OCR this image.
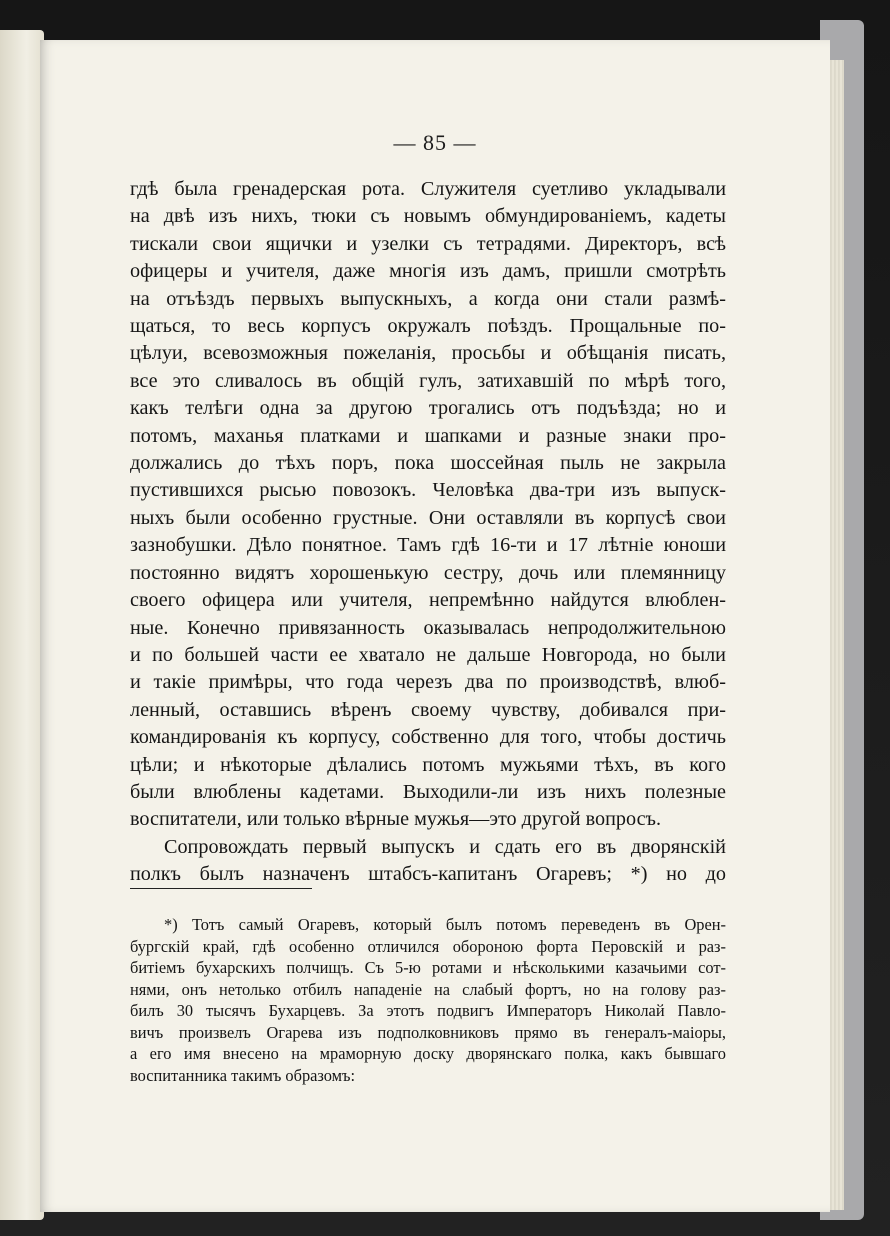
— 85 —
гдѣ была гренадерская рота. Служителя суетливо укладывали
на двѣ изъ нихъ, тюки съ новымъ обмундированіемъ, кадеты
тискали свои ящички и узелки съ тетрадями. Директоръ, всѣ
офицеры и учителя, даже многія изъ дамъ, пришли смотрѣть
на отъѣздъ первыхъ выпускныхъ, а когда они стали размѣ-
щаться, то весь корпусъ окружалъ поѣздъ. Прощальные по-
цѣлуи, всевозможныя пожеланія, просьбы и обѣщанія писать,
все это сливалось въ общій гулъ, затихавшій по мѣрѣ того,
какъ телѣги одна за другою трогались отъ подъѣзда; но и
потомъ, маханья платками и шапками и разные знаки про-
должались до тѣхъ поръ, пока шоссейная пыль не закрыла
пустившихся рысью повозокъ. Человѣка два-три изъ выпуск-
ныхъ были особенно грустные. Они оставляли въ корпусѣ свои
зазнобушки. Дѣло понятное. Тамъ гдѣ 16-ти и 17 лѣтніе юноши
постоянно видятъ хорошенькую сестру, дочь или племянницу
своего офицера или учителя, непремѣнно найдутся влюблен-
ные. Конечно привязанность оказывалась непродолжительною
и по большей части ее хватало не дальше Новгорода, но были
и такіе примѣры, что года черезъ два по производствѣ, влюб-
ленный, оставшись вѣренъ своему чувству, добивался при-
командированія къ корпусу, собственно для того, чтобы достичь
цѣли; и нѣкоторые дѣлались потомъ мужьями тѣхъ, въ кого
были влюблены кадетами. Выходили-ли изъ нихъ полезные
воспитатели, или только вѣрные мужья—это другой вопросъ.
Сопровождать первый выпускъ и сдать его въ дворянскій
полкъ былъ назначенъ штабсъ-капитанъ Огаревъ; *) но до
*) Тотъ самый Огаревъ, который былъ потомъ переведенъ въ Орен-
бургскій край, гдѣ особенно отличился обороною форта Перовскій и раз-
битіемъ бухарскихъ полчищъ. Съ 5-ю ротами и нѣсколькими казачьими сот-
нями, онъ нетолько отбилъ нападеніе на слабый фортъ, но на голову раз-
билъ 30 тысячъ Бухарцевъ. За этотъ подвигъ Императоръ Николай Павло-
вичъ произвелъ Огарева изъ подполковниковъ прямо въ генералъ-маіоры,
а его имя внесено на мраморную доску дворянскаго полка, какъ бывшаго
воспитанника такимъ образомъ:
